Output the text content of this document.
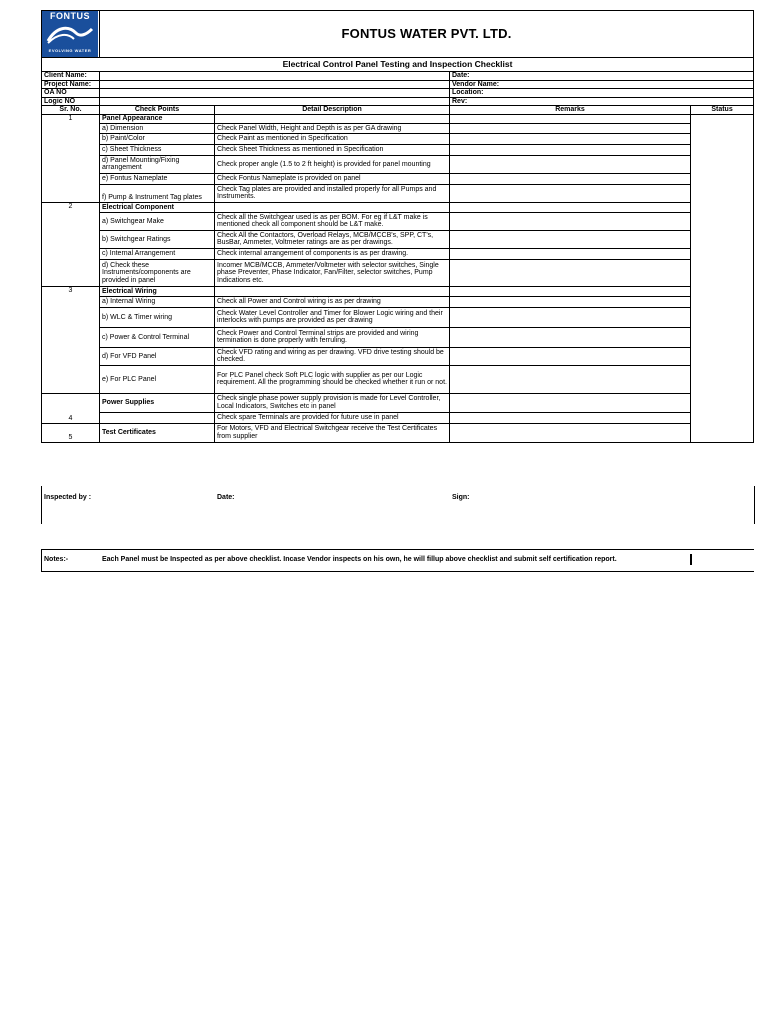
FONTUS
EVOLVING WATER	FONTUS WATER PVT. LTD.			
Electrical Control Panel Testing and Inspection Checklist				
Client Name:			Date:	
Project Name:			Vendor Name:	
OA NO			Location:	
Logic NO			Rev:	
Sr. No.	Check Points	Detail Description	Remarks	Status
1	Panel Appearance			
	a) Dimension	Check Panel Width, Height and Depth is as per GA drawing		
	b) Paint/Color	Check Paint as mentioned in Specification		
	c) Sheet Thickness	Check Sheet Thickness as mentioned in Specification		
	d) Panel Mounting/Fixing arrangement	Check proper angle (1.5 to 2 ft height) is provided for panel mounting		
	e) Fontus Nameplate	Check Fontus Nameplate is provided on panel		
	f) Pump & Instrument Tag plates	Check Tag plates are provided and installed properly for all Pumps and Instruments.		
2	Electrical Component			
	a) Switchgear Make	Check all the Switchgear used is as per BOM. For eg if L&T make is mentioned check all component should be L&T make.		
	b) Switchgear Ratings	Check All the Contactors, Overload Relays, MCB/MCCB's, SPP, CT's, BusBar, Ammeter, Voltmeter ratings are as per drawings.		
	c) Internal Arrangement	Check internal arrangement of components is as per drawing.		
	d) Check these Instruments/components are provided in panel	Incomer MCB/MCCB, Ammeter/Voltmeter with selector switches, Single phase Preventer, Phase Indicator, Fan/Filter, selector switches, Pump Indications etc.		
3	Electrical Wiring			
	a) Internal Wiring	Check all Power and Control wiring is as per drawing		
	b) WLC & Timer wiring	Check Water Level Controller and Timer for Blower Logic wiring and their interlocks with pumps are provided as per drawing		
	c) Power & Control Terminal	Check Power and Control Terminal strips are provided and wiring termination is done properly with ferruling.		
	d) For VFD Panel	Check VFD rating and wiring as per drawing. VFD drive testing should be checked.		
	e) For PLC Panel	For PLC Panel check Soft PLC logic with supplier as per our Logic requirement. All the programming should be checked whether it run or not.		
4	Power Supplies	Check single phase power supply provision is made for Level Controller, Local Indicators, Switches etc in panel		
		Check spare Terminals are provided for future use in panel		
5	Test Certificates	For Motors, VFD and Electrical Switchgear receive the Test Certificates from supplier		
Inspected by :	Date:	Sign:
Notes:-	Each Panel must be Inspected as per above checklist. Incase Vendor inspects on his own, he will fillup above checklist and submit self certification report.
